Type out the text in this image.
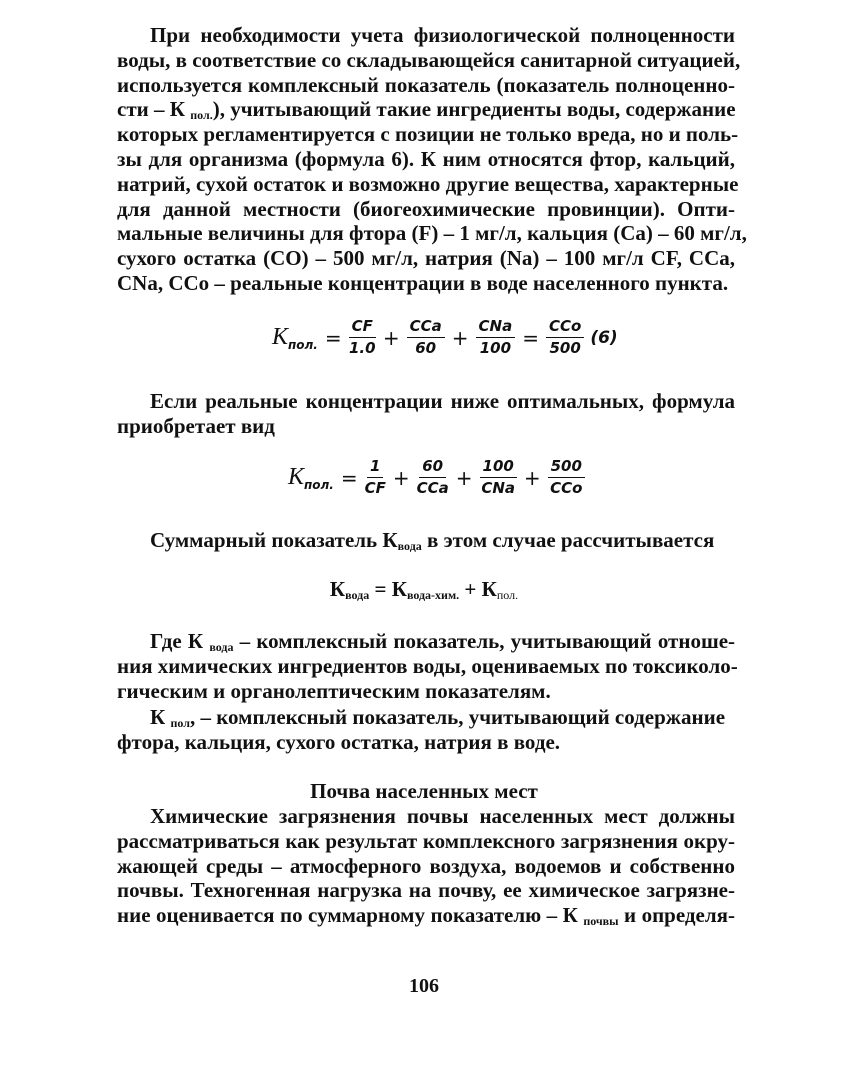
При необходимости учета физиологической полноценности
воды, в соответствие со складывающейся санитарной ситуацией,
используется комплексный показатель (показатель полноценно-
сти – К $_{пол.}$), учитывающий такие ингредиенты воды, содержание
которых регламентируется с позиции не только вреда, но и поль-
зы для организма (формула 6). К ним относятся фтор, кальций,
натрий, сухой остаток и возможно другие вещества, характерные
для данной местности (биогеохимические провинции). Опти-
мальные величины для фтора (F) – 1 мг/л, кальция (Ca) – 60 мг/л,
сухого остатка (CO) – 500 мг/л, натрия (Na) – 100 мг/л CF, CCa,
CNa, CCo – реальные концентрации в воде населенного пункта.
К пол. = $\frac{CF}{1.0} + \frac{\text{CCa}}{60} + \frac{\text{CNa}}{100} = \frac{\text{CCo}}{500} (6)$
Если реальные концентрации ниже оптимальных, формула
приобретает вид
К пол. = $\frac{1}{CF} + \frac{60}{\text{CCa}} + \frac{100}{\text{CNa}} + \frac{500}{\text{CCo}}$
Суммарный показатель $К_{вода}$ в этом случае рассчитывается
$К_{вода} = К_{вода-хим.} + К_{пол.}$
Где К $_{вода}$ – комплексный показатель, учитывающий отноше-
ния химических ингредиентов воды, оцениваемых по токсиколо-
гическим и органолептическим показателям.
К $_{пол}$, – комплексный показатель, учитывающий содержание
фтора, кальция, сухого остатка, натрия в воде.
Почва населенных мест
Химические загрязнения почвы населенных мест должны
рассматриваться как результат комплексного загрязнения окру-
жающей среды – атмосферного воздуха, водоемов и собственно
почвы. Техногенная нагрузка на почву, ее химическое загрязне-
ние оценивается по суммарному показателю – К $_{почвы}$ и определя-
106
